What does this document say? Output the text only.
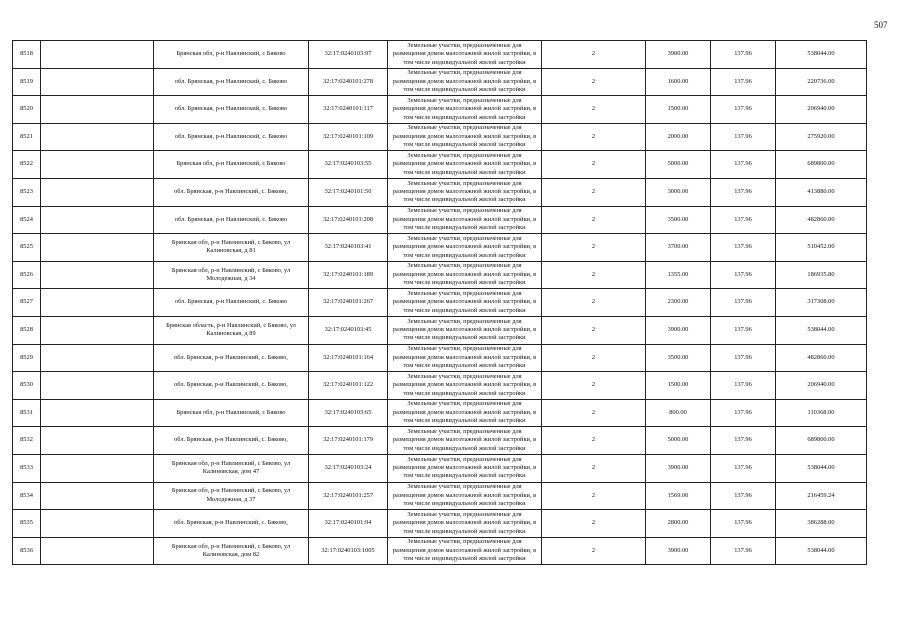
507
8518		Брянская обл, р-н Навлинский, с Бяково	32:17:0240103:97	Земельные участки, предназначенные для размещения домов малоэтажной жилой застройки, в том числе индивидуальной жилой застройки	2	3900.00	137.96	538044.00
8519		обл. Брянская, р-н Навлинский, с. Бяково	32:17:0240101:278	Земельные участки, предназначенные для размещения домов малоэтажной жилой застройки, в том числе индивидуальной жилой застройки	2	1600.00	137.96	220736.00
8520		обл. Брянская, р-н Навлинский, с. Бяково	32:17:0240101:117	Земельные участки, предназначенные для размещения домов малоэтажной жилой застройки, в том числе индивидуальной жилой застройки	2	1500.00	137.96	206940.00
8521		обл. Брянская, р-н Навлинский, с. Бяково	32:17:0240101:109	Земельные участки, предназначенные для размещения домов малоэтажной жилой застройки, в том числе индивидуальной жилой застройки	2	2000.00	137.96	275920.00
8522		Брянская обл, р-н Навлинский, с Бяково	32:17:0240103:55	Земельные участки, предназначенные для размещения домов малоэтажной жилой застройки, в том числе индивидуальной жилой застройки	2	5000.00	137.96	689800.00
8523		обл. Брянская, р-н Навлинский, с. Бяково,	32:17:0240101:50	Земельные участки, предназначенные для размещения домов малоэтажной жилой застройки, в том числе индивидуальной жилой застройки	2	3000.00	137.96	413880.00
8524		обл. Брянская, р-н Навлинский, с. Бяково	32:17:0240101:208	Земельные участки, предназначенные для размещения домов малоэтажной жилой застройки, в том числе индивидуальной жилой застройки	2	3500.00	137.96	482860.00
8525		Брянская обл, р-н Навлинский, с Бяково, ул Калиновская, д 81	32:17:0240103:41	Земельные участки, предназначенные для размещения домов малоэтажной жилой застройки, в том числе индивидуальной жилой застройки	2	3700.00	137.96	510452.00
8526		Брянская обл, р-н Навлинский, с Бяково, ул Молодежная, д 34	32:17:0240101:189	Земельные участки, предназначенные для размещения домов малоэтажной жилой застройки, в том числе индивидуальной жилой застройки	2	1355.00	137.96	186935.80
8527		обл. Брянская, р-н Навлинский, с. Бяково	32:17:0240101:267	Земельные участки, предназначенные для размещения домов малоэтажной жилой застройки, в том числе индивидуальной жилой застройки	2	2300.00	137.96	317308.00
8528		Брянская область, р-н Навлинский, с Бяково, ул Калиновская, д 89	32:17:0240103:45	Земельные участки, предназначенные для размещения домов малоэтажной жилой застройки, в том числе индивидуальной жилой застройки	2	3900.00	137.96	538044.00
8529		обл. Брянская, р-н Навлинский, с. Бяково,	32:17:0240101:164	Земельные участки, предназначенные для размещения домов малоэтажной жилой застройки, в том числе индивидуальной жилой застройки	2	3500.00	137.96	482860.00
8530		обл. Брянская, р-н Навлинский, с. Бяково,	32:17:0240101:122	Земельные участки, предназначенные для размещения домов малоэтажной жилой застройки, в том числе индивидуальной жилой застройки	2	1500.00	137.96	206940.00
8531		Брянская обл, р-н Навлинский, с Бяково	32:17:0240103:65	Земельные участки, предназначенные для размещения домов малоэтажной жилой застройки, в том числе индивидуальной жилой застройки	2	800.00	137.96	110368.00
8532		обл. Брянская, р-н Навлинский, с. Бяково,	32:17:0240101:179	Земельные участки, предназначенные для размещения домов малоэтажной жилой застройки, в том числе индивидуальной жилой застройки	2	5000.00	137.96	689800.00
8533		Брянская обл, р-н Навлинский, с Бяково, ул Калиновская, дом 47	32:17:0240103:24	Земельные участки, предназначенные для размещения домов малоэтажной жилой застройки, в том числе индивидуальной жилой застройки	2	3900.00	137.96	538044.00
8534		Брянская обл, р-н Навлинский, с Бяково, ул Молодежная, д 37	32:17:0240101:257	Земельные участки, предназначенные для размещения домов малоэтажной жилой застройки, в том числе индивидуальной жилой застройки	2	1569.00	137.96	216459.24
8535		обл. Брянская, р-н Навлинский, с. Бяково,	32:17:0240101:94	Земельные участки, предназначенные для размещения домов малоэтажной жилой застройки, в том числе индивидуальной жилой застройки	2	2800.00	137.96	386288.00
8536		Брянская обл, р-н Навлинский, с Бяково, ул Калиновская, дом 82	32:17:0240103:1005	Земельные участки, предназначенные для размещения домов малоэтажной жилой застройки, в том числе индивидуальной жилой застройки	2	3900.00	137.96	538044.00
